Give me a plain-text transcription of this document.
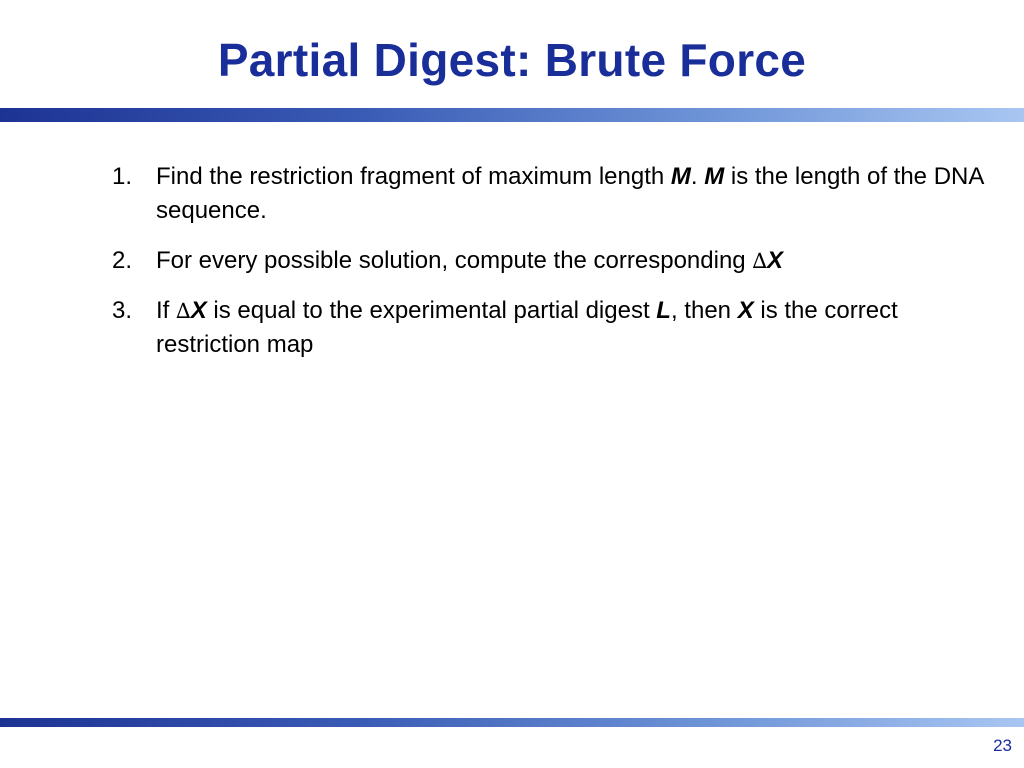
Partial Digest: Brute Force
1. Find the restriction fragment of maximum length M. M is the length of the DNA sequence.
2. For every possible solution, compute the corresponding ∆X
3. If ∆X is equal to the experimental partial digest L, then X is the correct restriction map
23
